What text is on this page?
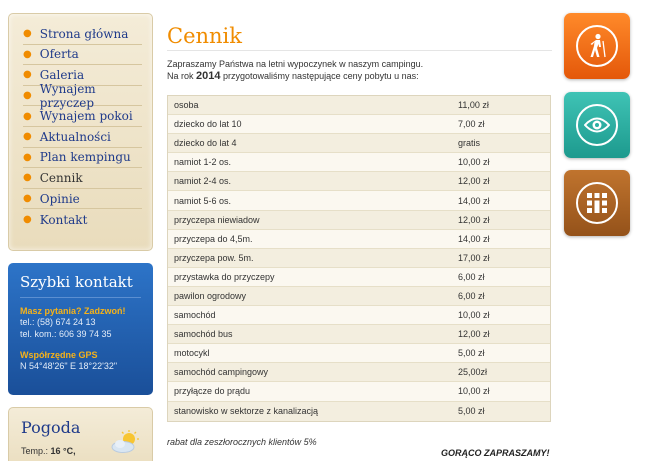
● Strona główna
● Oferta
● Galeria
● Wynajem przyczep
● Wynajem pokoi
● Aktualności
● Plan kempingu
● Cennik
● Opinie
● Kontakt
Szybki kontakt
Masz pytania? Zadzwoń!
tel.: (58) 674 24 13
tel. kom.: 606 39 74 35
Współrzędne GPS
N 54°48'26" E 18°22'32"
Pogoda
Temp.: 16 °C,
Cennik
Zapraszamy Państwa na letni wypoczynek w naszym campingu.
Na rok 2014 przygotowaliśmy następujące ceny pobytu u nas:
osoba	11,00 zł
dziecko do lat 10	7,00 zł
dziecko do lat 4	gratis
namiot 1-2 os.	10,00 zł
namiot 2-4 os.	12,00 zł
namiot 5-6 os.	14,00 zł
przyczepa niewiadow	12,00 zł
przyczepa do 4,5m.	14,00 zł
przyczepa pow. 5m.	17,00 zł
przystawka do przyczepy	6,00 zł
pawilon ogrodowy	6,00 zł
samochód	10,00 zł
samochód bus	12,00 zł
motocykl	5,00 zł
samochód campingowy	25,00zł
przyłącze do prądu	10,00 zł
stanowisko w sektorze z kanalizacją	5,00 zł
rabat dla zeszłorocznych klientów 5%
GORĄCO ZAPRASZAMY!
